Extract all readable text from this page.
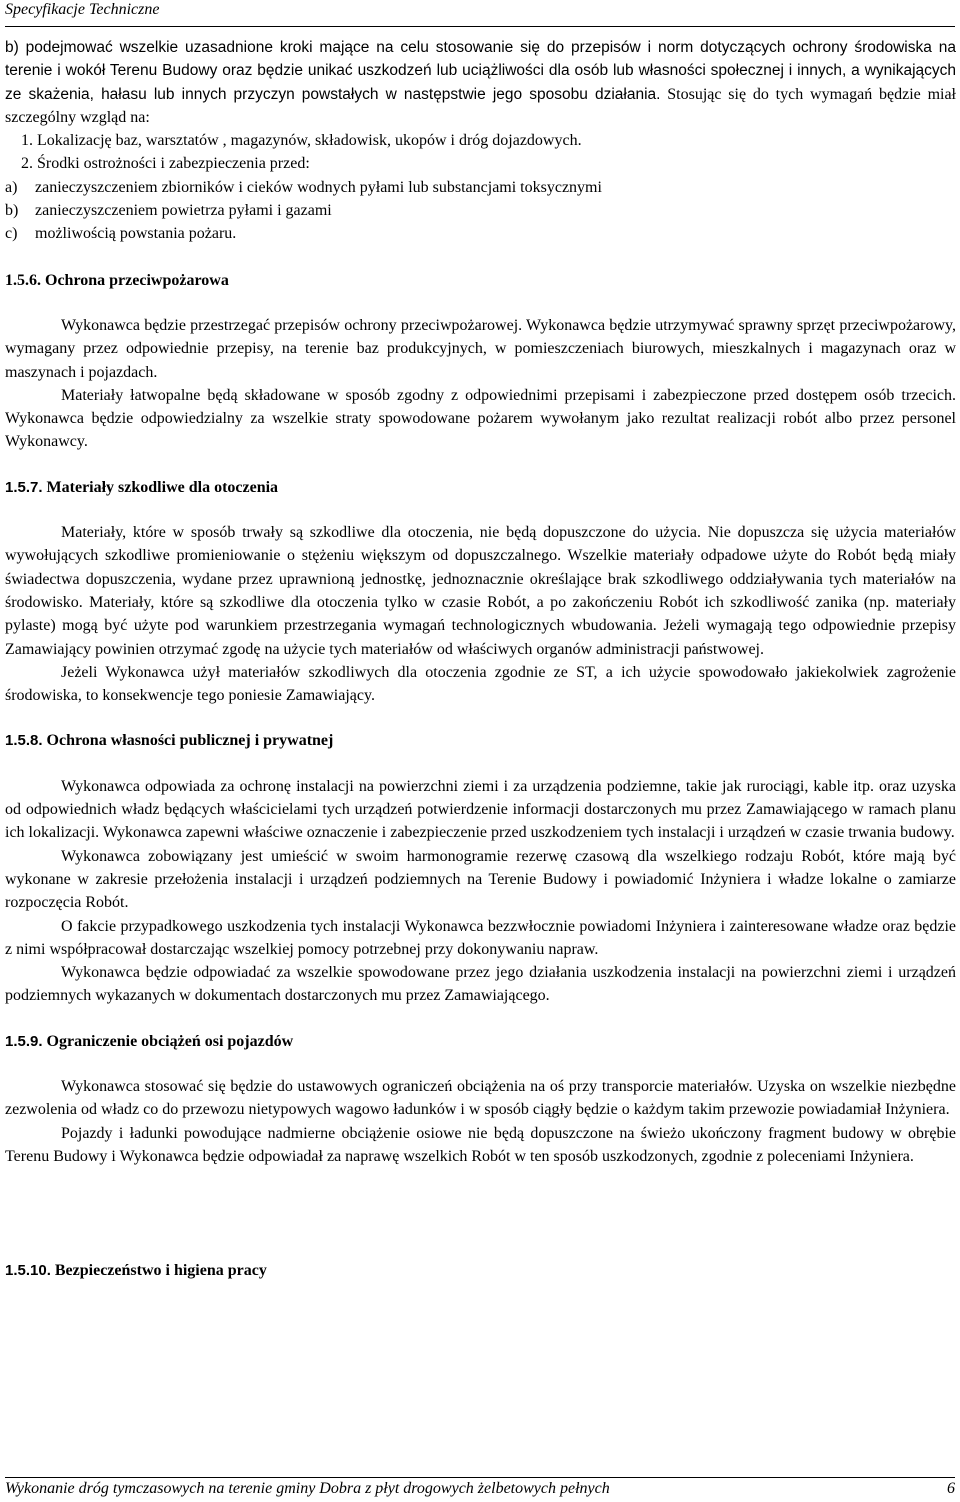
Specyfikacje Techniczne

b) podejmować wszelkie uzasadnione kroki mające na celu stosowanie się do przepisów i norm dotyczących ochrony środowiska na terenie i wokół Terenu Budowy oraz będzie unikać uszkodzeń lub uciążliwości dla osób lub własności społecznej i innych, a wynikających ze skażenia, hałasu lub innych przyczyn powstałych w następstwie jego sposobu działania. Stosując się do tych wymagań będzie miał szczególny wzgląd na:

1. Lokalizację baz, warsztatów , magazynów, składowisk, ukopów i dróg dojazdowych.

2. Środki ostrożności i zabezpieczenia przed:

a) zanieczyszczeniem zbiorników i cieków wodnych pyłami lub substancjami toksycznymi

b) zanieczyszczeniem powietrza pyłami i gazami

c) możliwością powstania pożaru.

1.5.6. Ochrona przeciwpożarowa

Wykonawca będzie przestrzegać przepisów ochrony przeciwpożarowej. Wykonawca będzie utrzymywać sprawny sprzęt przeciwpożarowy, wymagany przez odpowiednie przepisy, na terenie baz produkcyjnych, w pomieszczeniach biurowych, mieszkalnych i magazynach oraz w maszynach i pojazdach.

Materiały łatwopalne będą składowane w sposób zgodny z odpowiednimi przepisami i zabezpieczone przed dostępem osób trzecich. Wykonawca będzie odpowiedzialny za wszelkie straty spowodowane pożarem wywołanym jako rezultat realizacji robót albo przez personel Wykonawcy.

1.5.7. Materiały szkodliwe dla otoczenia

Materiały, które w sposób trwały są szkodliwe dla otoczenia, nie będą dopuszczone do użycia. Nie dopuszcza się użycia materiałów wywołujących szkodliwe promieniowanie o stężeniu większym od dopuszczalnego. Wszelkie materiały odpadowe użyte do Robót będą miały świadectwa dopuszczenia, wydane przez uprawnioną jednostkę, jednoznacznie określające brak szkodliwego oddziaływania tych materiałów na środowisko. Materiały, które są szkodliwe dla otoczenia tylko w czasie Robót, a po zakończeniu Robót ich szkodliwość zanika (np. materiały pylaste) mogą być użyte pod warunkiem przestrzegania wymagań technologicznych wbudowania. Jeżeli wymagają tego odpowiednie przepisy Zamawiający powinien otrzymać zgodę na użycie tych materiałów od właściwych organów administracji państwowej.

Jeżeli Wykonawca użył materiałów szkodliwych dla otoczenia zgodnie ze ST, a ich użycie spowodowało jakiekolwiek zagrożenie środowiska, to konsekwencje tego poniesie Zamawiający.

1.5.8. Ochrona własności publicznej i prywatnej

Wykonawca odpowiada za ochronę instalacji na powierzchni ziemi i za urządzenia podziemne, takie jak rurociągi, kable itp. oraz uzyska od odpowiednich władz będących właścicielami tych urządzeń potwierdzenie informacji dostarczonych mu przez Zamawiającego w ramach planu ich lokalizacji. Wykonawca zapewni właściwe oznaczenie i zabezpieczenie przed uszkodzeniem tych instalacji i urządzeń w czasie trwania budowy.

Wykonawca zobowiązany jest umieścić w swoim harmonogramie rezerwę czasową dla wszelkiego rodzaju Robót, które mają być wykonane w zakresie przełożenia instalacji i urządzeń podziemnych na Terenie Budowy i powiadomić Inżyniera i władze lokalne o zamiarze rozpoczęcia Robót.

O fakcie przypadkowego uszkodzenia tych instalacji Wykonawca bezzwłocznie powiadomi Inżyniera i zainteresowane władze oraz będzie z nimi współpracował dostarczając wszelkiej pomocy potrzebnej przy dokonywaniu napraw.

Wykonawca będzie odpowiadać za wszelkie spowodowane przez jego działania uszkodzenia instalacji na powierzchni ziemi i urządzeń podziemnych wykazanych w dokumentach dostarczonych mu przez Zamawiającego.

1.5.9. Ograniczenie obciążeń osi pojazdów

Wykonawca stosować się będzie do ustawowych ograniczeń obciążenia na oś przy transporcie materiałów. Uzyska on wszelkie niezbędne zezwolenia od władz co do przewozu nietypowych wagowo ładunków i w sposób ciągły będzie o każdym takim przewozie powiadamiał Inżyniera.

Pojazdy i ładunki powodujące nadmierne obciążenie osiowe nie będą dopuszczone na świeżo ukończony fragment budowy w obrębie Terenu Budowy i Wykonawca będzie odpowiadał za naprawę wszelkich Robót w ten sposób uszkodzonych, zgodnie z poleceniami Inżyniera.

1.5.10. Bezpieczeństwo i higiena pracy
Wykonanie dróg tymczasowych na terenie gminy Dobra z płyt drogowych żelbetowych pełnych	6
